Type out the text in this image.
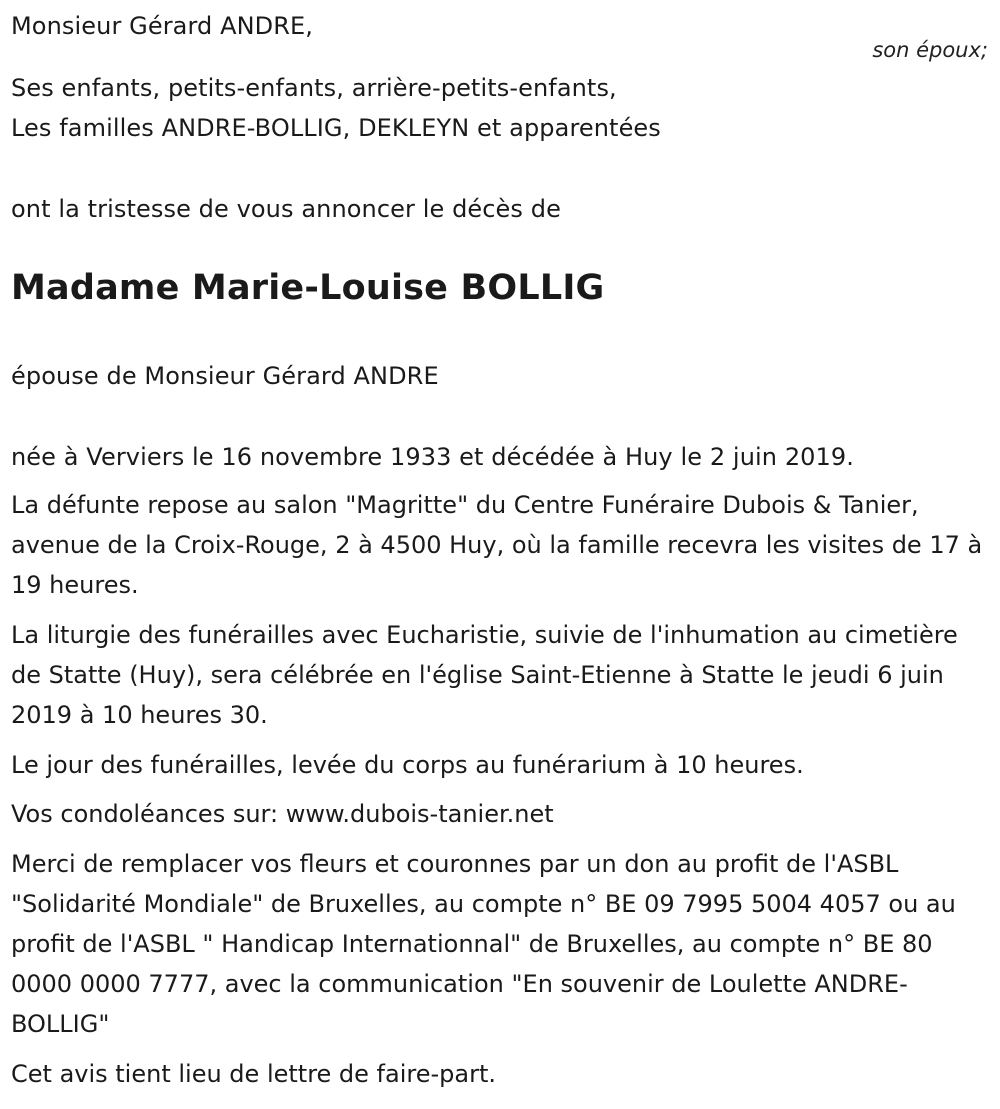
Monsieur Gérard ANDRE,
Ses enfants, petits-enfants, arrière-petits-enfants,
Les familles ANDRE-BOLLIG, DEKLEYN et apparentées
ont la tristesse de vous annoncer le décès de
Madame Marie-Louise BOLLIG
épouse de Monsieur Gérard ANDRE
née à Verviers le 16 novembre 1933 et décédée à Huy le 2 juin 2019.

La défunte repose au salon "Magritte" du Centre Funéraire Dubois & Tanier, avenue de la Croix-Rouge, 2 à 4500 Huy, où la famille recevra les visites de 17 à 19 heures.

La liturgie des funérailles avec Eucharistie, suivie de l'inhumation au cimetière de Statte (Huy), sera célébrée en l'église Saint-Etienne à Statte le jeudi 6 juin 2019 à 10 heures 30.

Le jour des funérailles, levée du corps au funérarium à 10 heures.

Vos condoléances sur: www.dubois-tanier.net

Merci de remplacer vos fleurs et couronnes par un don au profit de l'ASBL "Solidarité Mondiale" de Bruxelles, au compte n° BE 09 7995 5004 4057 ou au profit de l'ASBL " Handicap Internationnal" de Bruxelles, au compte n° BE 80 0000 0000 7777, avec la communication "En souvenir de Loulette ANDRE-BOLLIG"

Cet avis tient lieu de lettre de faire-part.

son époux;
